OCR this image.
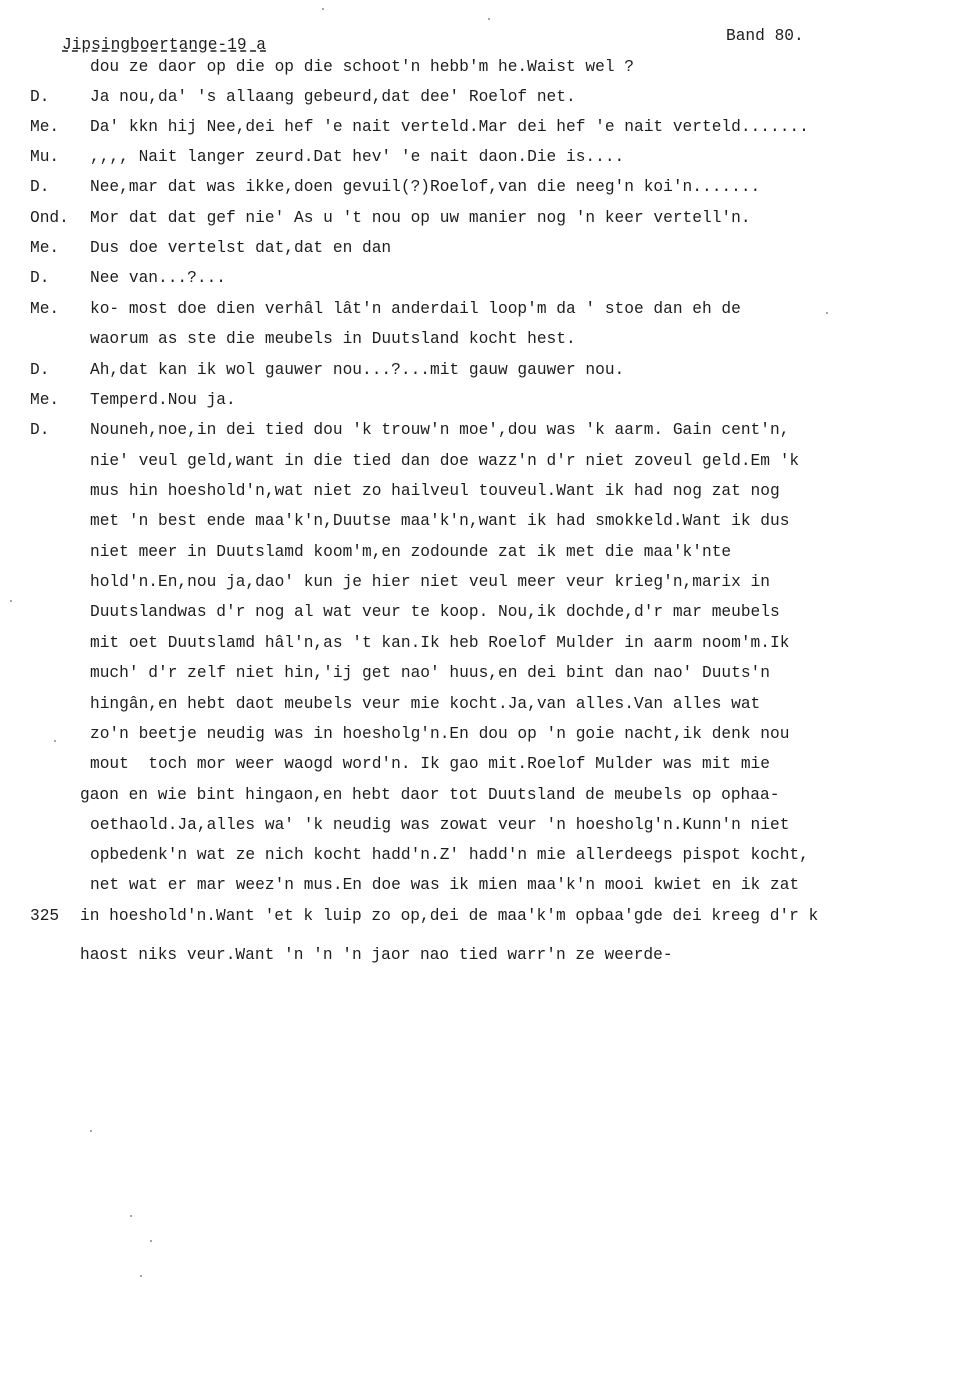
Jipsingboertange-19 a	Band 80.
dou ze daor op die op die schoot'n hebb'm he.Waist wel ?
D.	Ja nou,da' 's allaang gebeurd,dat dee' Roelof net.
Me. Da' kkn hij Nee,dei hef 'e nait verteld.Mar dei hef 'e nait verteld.......
Mu. ,,,, Nait langer zeurd.Dat hev' 'e nait daon.Die is....
D.	Nee,mar dat was ikke,doen gevuil(?)Roelof,van die neeg'n koi'n.......
Ond. Mor dat dat gef nie' As u 't nou op uw manier nog 'n keer vertell'n.
Me. Dus doe vertelst dat,dat en dan
D.	Nee van...?...
Me. ko- most doe dien verhâl lât'n anderdail loop'm da ' stoe dan eh de
waorum as ste die meubels in Duutsland kocht hest.
D.	Ah,dat kan ik wol gauwer nou...?...mit gauw gauwer nou.
Me. Temperd.Nou ja.
D.	Nouneh,noe,in dei tied dou 'k trouw'n moe',dou was 'k aarm. Gain cent'n,
nie' veul geld,want in die tied dan doe wazz'n d'r niet zoveul geld.Em 'k
mus hin hoeshold'n,wat niet zo hailveul touveul.Want ik had nog zat nog
met 'n best ende maa'k'n,Duutse maa'k'n,want ik had smokkeld.Want ik dus
niet meer in Duutslamd koom'm,en zodounde zat ik met die maa'k'nte
hold'n.En,nou ja,dao' kun je hier niet veul meer veur krieg'n,marix in
Duutslandwas d'r nog al wat veur te koop. Nou,ik dochde,d'r mar meubels
mit oet Duutslamd hâl'n,as 't kan.Ik heb Roelof Mulder in aarm noom'm.Ik
much' d'r zelf niet hin,'ij get nao' huus,en dei bint dan nao' Duuts'n
hingân,en hebt daot meubels veur mie kocht.Ja,van alles.Van alles wat
zo'n beetje neudig was in hoesholg'n.En dou op 'n goie nacht,ik denk nou
mout  toch mor weer waogd word'n. Ik gao mit.Roelof Mulder was mit mie
gaon en wie bint hingaon,en hebt daor tot Duutsland de meubels op ophaa-
oethaold.Ja,alles wa' 'k neudig was zowat veur 'n hoesholg'n.Kunn'n niet
opbedenk'n wat ze nich kocht hadd'n.Z' hadd'n mie allerdeegs pispot kocht,
net wat er mar weez'n mus.En doe was ik mien maa'k'n mooi kwiet en ik zat
325 in hoeshold'n.Want 'et k luip zo op,dei de maa'k'm opbaa'gde dei kreeg d'r k
haost niks veur.Want 'n 'n 'n jaor nao tied warr'n ze weerde-
